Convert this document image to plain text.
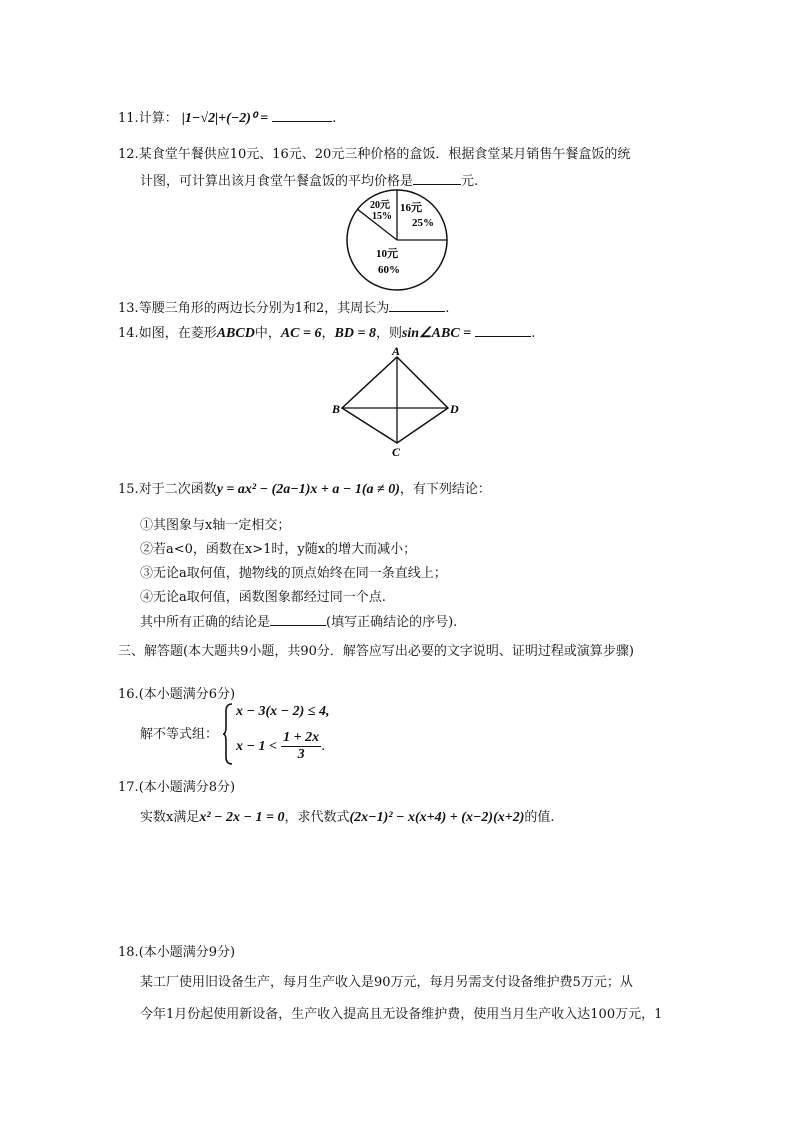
11.计算： |1−√2|+(−2)⁰ =	.
12.某食堂午餐供应10元、16元、20元三种价格的盒饭．根据食堂某月销售午餐盒饭的统
计图，可计算出该月食堂午餐盒饭的平均价格是	元.
16元
25%
20元
15%
10元
60%
13.等腰三角形的两边长分别为1和2，其周长为	.
14.如图，在菱形ABCD中，AC = 6，BD = 8，则sin∠ABC =	.
A
B	D
C
15.对于二次函数y = ax² − (2a−1)x + a − 1(a ≠ 0)，有下列结论：
①其图象与x轴一定相交；
②若a<0，函数在x>1时，y随x的增大而减小；
③无论a取何值，抛物线的顶点始终在同一条直线上；
④无论a取何值，函数图象都经过同一个点.
其中所有正确的结论是	(填写正确结论的序号).
三、解答题(本大题共9小题，共90分．解答应写出必要的文字说明、证明过程或演算步骤)
16.(本小题满分6分)
解不等式组：
x − 3(x − 2) ≤ 4,
$x - 1 < \frac{1 + 2x}{3}$ .
17.(本小题满分8分)
实数x满足x² − 2x − 1 = 0，求代数式(2x−1)² − x(x+4) + (x−2)(x+2)的值.
18.(本小题满分9分)
某工厂使用旧设备生产，每月生产收入是90万元，每月另需支付设备维护费5万元；从
今年1月份起使用新设备，生产收入提高且无设备维护费，使用当月生产收入达100万元，1
